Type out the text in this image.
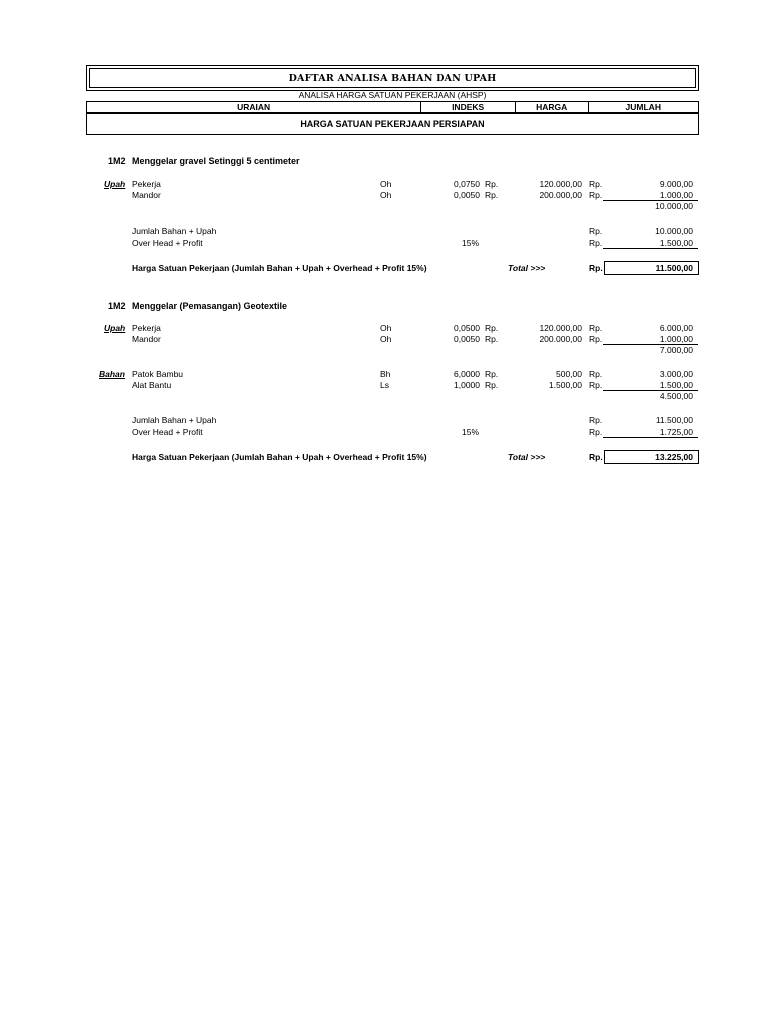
DAFTAR ANALISA BAHAN DAN UPAH
ANALISA HARGA SATUAN PEKERJAAN (AHSP)
URAIAN	INDEKS	HARGA	JUMLAH
HARGA SATUAN PEKERJAAN PERSIAPAN
1M2 Menggelar gravel Setinggi 5 centimeter
Upah Pekerja	Oh	0,0750 Rp.	120.000,00 Rp.	9.000,00
Mandor	Oh	0,0050 Rp.	200.000,00 Rp.	1.000,00
10.000,00
Jumlah Bahan + Upah	Rp.	10.000,00
Over Head + Profit	15%	Rp.	1.500,00
Harga Satuan Pekerjaan (Jumlah Bahan + Upah + Overhead + Profit 15%)	Total >>>	Rp.	11.500,00
1M2 Menggelar (Pemasangan) Geotextile
Upah Pekerja	Oh	0,0500 Rp.	120.000,00 Rp.	6.000,00
Mandor	Oh	0,0050 Rp.	200.000,00 Rp.	1.000,00
7.000,00
Bahan Patok Bambu	Bh	6,0000 Rp.	500,00 Rp.	3.000,00
Alat Bantu	Ls	1,0000 Rp.	1.500,00 Rp.	1.500,00
4.500,00
Jumlah Bahan + Upah	Rp.	11.500,00
Over Head + Profit	15%	Rp.	1.725,00
Harga Satuan Pekerjaan (Jumlah Bahan + Upah + Overhead + Profit 15%)	Total >>>	Rp.	13.225,00
